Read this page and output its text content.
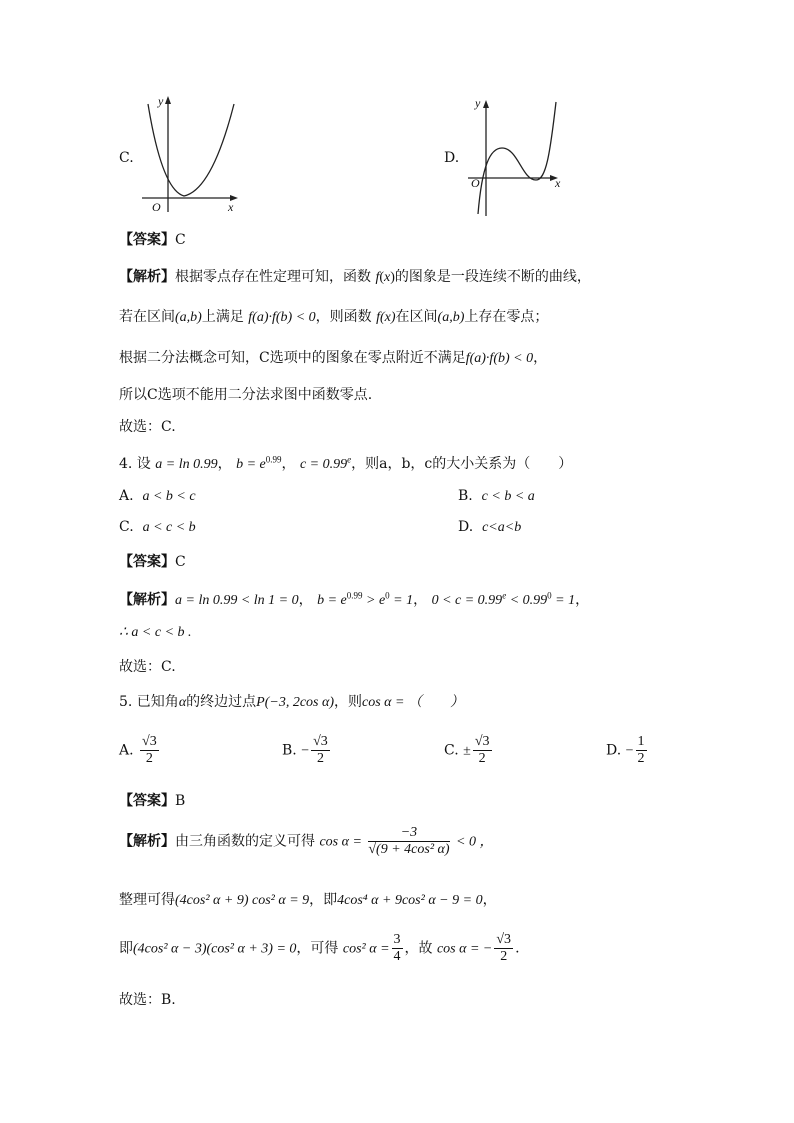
C.
y
x
O
D.
y
x
O
【答案】C
【解析】根据零点存在性定理可知，函数 f(x)的图象是一段连续不断的曲线，
若在区间(a,b)上满足 f(a)·f(b) < 0，则函数 f(x)在区间(a,b)上存在零点；
根据二分法概念可知，C选项中的图象在零点附近不满足f(a)·f(b) < 0，
所以C选项不能用二分法求图中函数零点.
故选：C.
4. 设 a = ln 0.99， $b = e^{0.99}$， c = 0.99$^e$，则a，b，c的大小关系为（　　）
A. a < b < c	B. c < b < a
C. a < c < b	D. c<a<b
【答案】C
【解析】a = ln 0.99 < ln 1 = 0， $b = e^{0.99} > e^0 = 1$， $0 < c = 0.99^e < 0.99^0 = 1$，
∴ a < c < b .
故选：C.
5. 已知角α的终边过点P(−3, 2cos α)，则cos α = （　　）
A. $\frac{√3}{2}$	B. − $\frac{√3}{2}$	C. ± $\frac{√3}{2}$	D. − $\frac{1}{2}$
【答案】B
【解析】由三角函数的定义可得 $\cos \alpha = \frac{-3}{\text{√(9 + 4cos² α)}} < 0$ ，
整理可得(4cos² α + 9) cos² α = 9，即4cos⁴ α + 9cos² α − 9 = 0，
即(4cos² α − 3)(cos² α + 3) = 0，可得 cos² $\alpha = \frac{3}{4}$ ，故 cos α = − $\frac{√3}{2}$ .
故选：B.
